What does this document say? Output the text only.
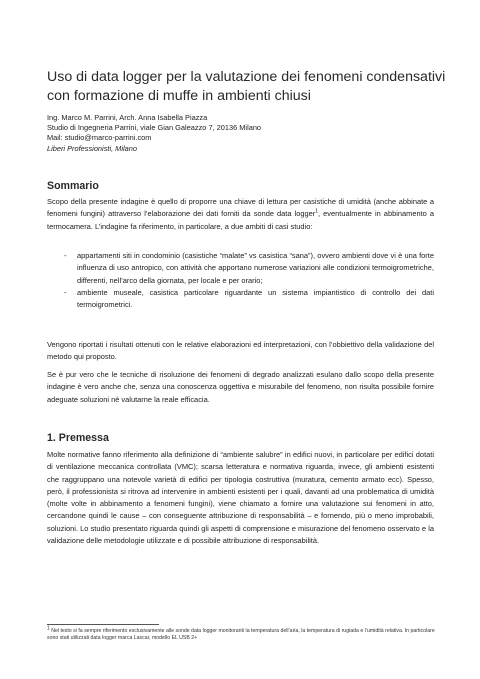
Uso di data logger per la valutazione dei fenomeni condensativi con formazione di muffe in ambienti chiusi
Ing. Marco M. Parrini, Arch. Anna Isabella Piazza
Studio di Ingegneria Parrini, viale Gian Galeazzo 7, 20136 Milano
Mail: studio@marco-parrini.com
Liberi Professionisti, Milano
Sommario

Scopo della presente indagine è quello di proporre una chiave di lettura per casistiche di umidità (anche abbinate a fenomeni fungini) attraverso l’elaborazione dei dati forniti da sonde data logger$^1$, eventualmente in abbinamento a termocamera. L’indagine fa riferimento, in particolare, a due ambiti di casi studio:

- appartamenti siti in condominio (casistiche “malate” vs casistica “sana”), ovvero ambienti dove vi è una forte influenza di uso antropico, con attività che apportano numerose variazioni alle condizioni termoigrometriche, differenti, nell’arco della giornata, per locale e per orario;
- ambiente museale, casistica particolare riguardante un sistema impiantistico di controllo dei dati termoigrometrici.

Vengono riportati i risultati ottenuti con le relative elaborazioni ed interpretazioni, con l’obbiettivo della validazione del metodo qui proposto.

Se è pur vero che le tecniche di risoluzione dei fenomeni di degrado analizzati esulano dallo scopo della presente indagine è vero anche che, senza una conoscenza oggettiva e misurabile del fenomeno, non risulta possibile fornire adeguate soluzioni né valutarne la reale efficacia.

1. Premessa

Molte normative fanno riferimento alla definizione di “ambiente salubre” in edifici nuovi, in particolare per edifici dotati di ventilazione meccanica controllata (VMC); scarsa letteratura e normativa riguarda, invece, gli ambienti esistenti che raggruppano una notevole varietà di edifici per tipologia costruttiva (muratura, cemento armato ecc). Spesso, però, il professionista si ritrova ad intervenire in ambienti esistenti per i quali, davanti ad una problematica di umidità (molte volte in abbinamento a fenomeni fungini), viene chiamato a fornire una valutazione sui fenomeni in atto, cercandone quindi le cause – con conseguente attribuzione di responsabilità – e fornendo, più o meno improbabili, soluzioni. Lo studio presentato riguarda quindi gli aspetti di comprensione e misurazione del fenomeno osservato e la validazione delle metodologie utilizzate e di possibile attribuzione di responsabilità.

$^1$ Nel testo si fa sempre riferimento esclusivamente alle sonde data logger monitoranti la temperatura dell’aria, la temperatura di rugiada e l’umidità relativa. In particolare sono stati utilizzati data logger marca Lascar, modello EL USB 2+
